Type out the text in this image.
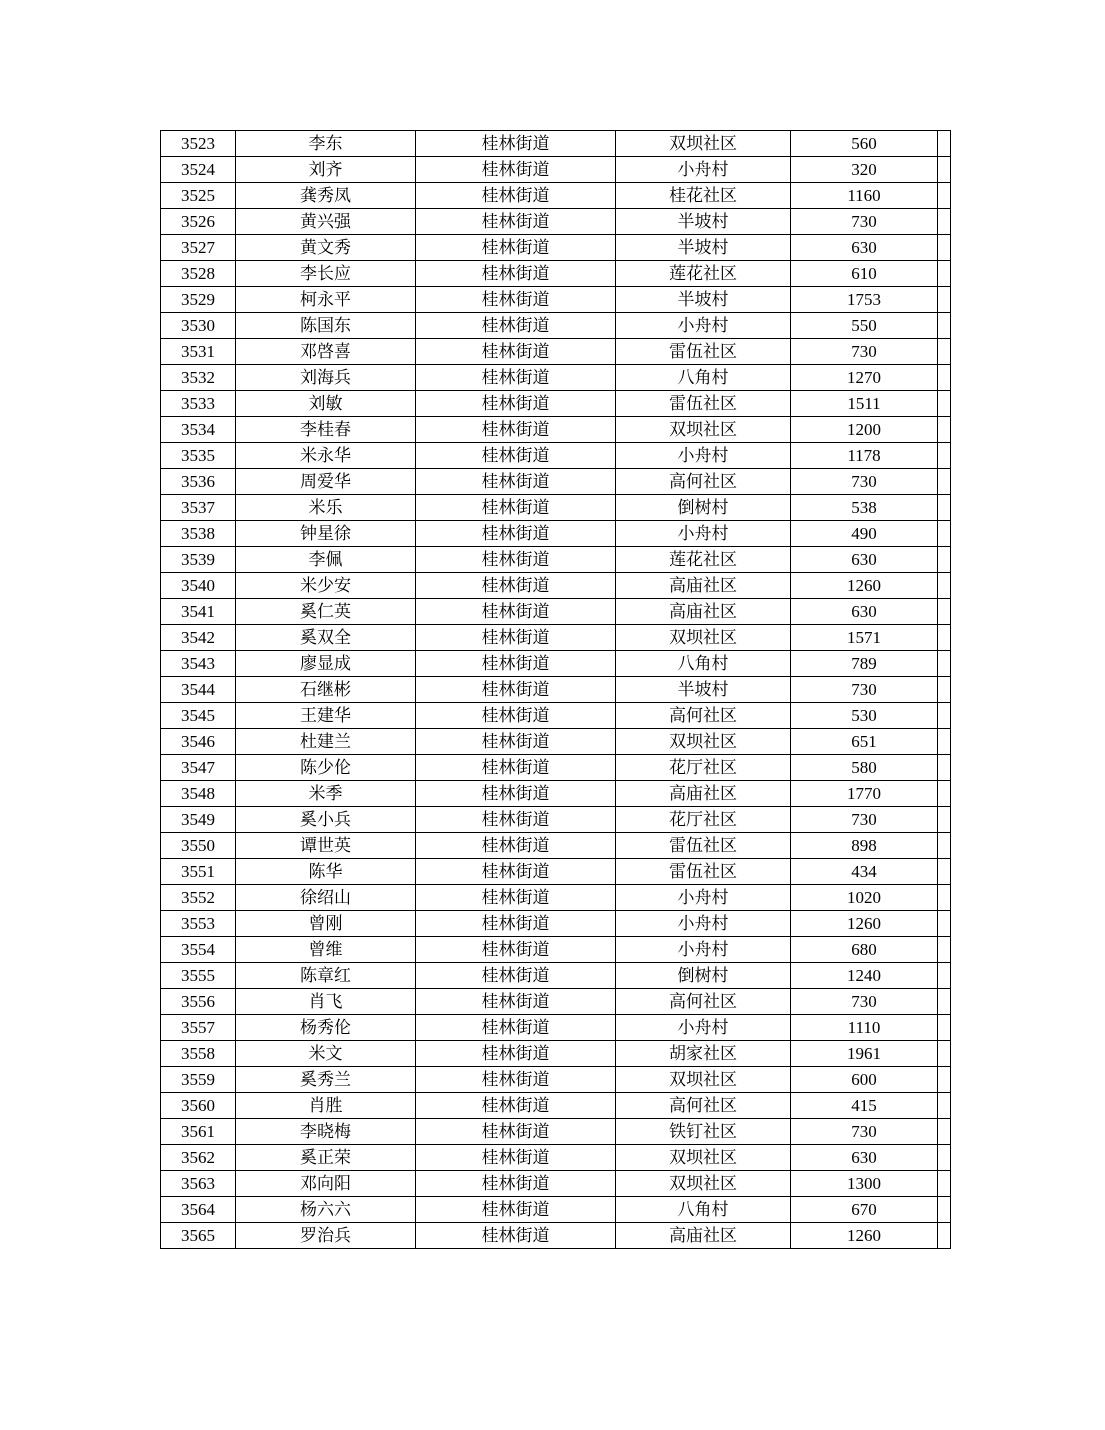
3523	李东	桂林街道	双坝社区	560	
3524	刘齐	桂林街道	小舟村	320	
3525	龚秀凤	桂林街道	桂花社区	1160	
3526	黄兴强	桂林街道	半坡村	730	
3527	黄文秀	桂林街道	半坡村	630	
3528	李长应	桂林街道	莲花社区	610	
3529	柯永平	桂林街道	半坡村	1753	
3530	陈国东	桂林街道	小舟村	550	
3531	邓啓喜	桂林街道	雷伍社区	730	
3532	刘海兵	桂林街道	八角村	1270	
3533	刘敏	桂林街道	雷伍社区	1511	
3534	李桂春	桂林街道	双坝社区	1200	
3535	米永华	桂林街道	小舟村	1178	
3536	周爱华	桂林街道	高何社区	730	
3537	米乐	桂林街道	倒树村	538	
3538	钟星徐	桂林街道	小舟村	490	
3539	李佩	桂林街道	莲花社区	630	
3540	米少安	桂林街道	高庙社区	1260	
3541	奚仁英	桂林街道	高庙社区	630	
3542	奚双全	桂林街道	双坝社区	1571	
3543	廖显成	桂林街道	八角村	789	
3544	石继彬	桂林街道	半坡村	730	
3545	王建华	桂林街道	高何社区	530	
3546	杜建兰	桂林街道	双坝社区	651	
3547	陈少伦	桂林街道	花厅社区	580	
3548	米季	桂林街道	高庙社区	1770	
3549	奚小兵	桂林街道	花厅社区	730	
3550	谭世英	桂林街道	雷伍社区	898	
3551	陈华	桂林街道	雷伍社区	434	
3552	徐绍山	桂林街道	小舟村	1020	
3553	曾刚	桂林街道	小舟村	1260	
3554	曾维	桂林街道	小舟村	680	
3555	陈章红	桂林街道	倒树村	1240	
3556	肖飞	桂林街道	高何社区	730	
3557	杨秀伦	桂林街道	小舟村	1110	
3558	米文	桂林街道	胡家社区	1961	
3559	奚秀兰	桂林街道	双坝社区	600	
3560	肖胜	桂林街道	高何社区	415	
3561	李晓梅	桂林街道	铁钉社区	730	
3562	奚正荣	桂林街道	双坝社区	630	
3563	邓向阳	桂林街道	双坝社区	1300	
3564	杨六六	桂林街道	八角村	670	
3565	罗治兵	桂林街道	高庙社区	1260	
